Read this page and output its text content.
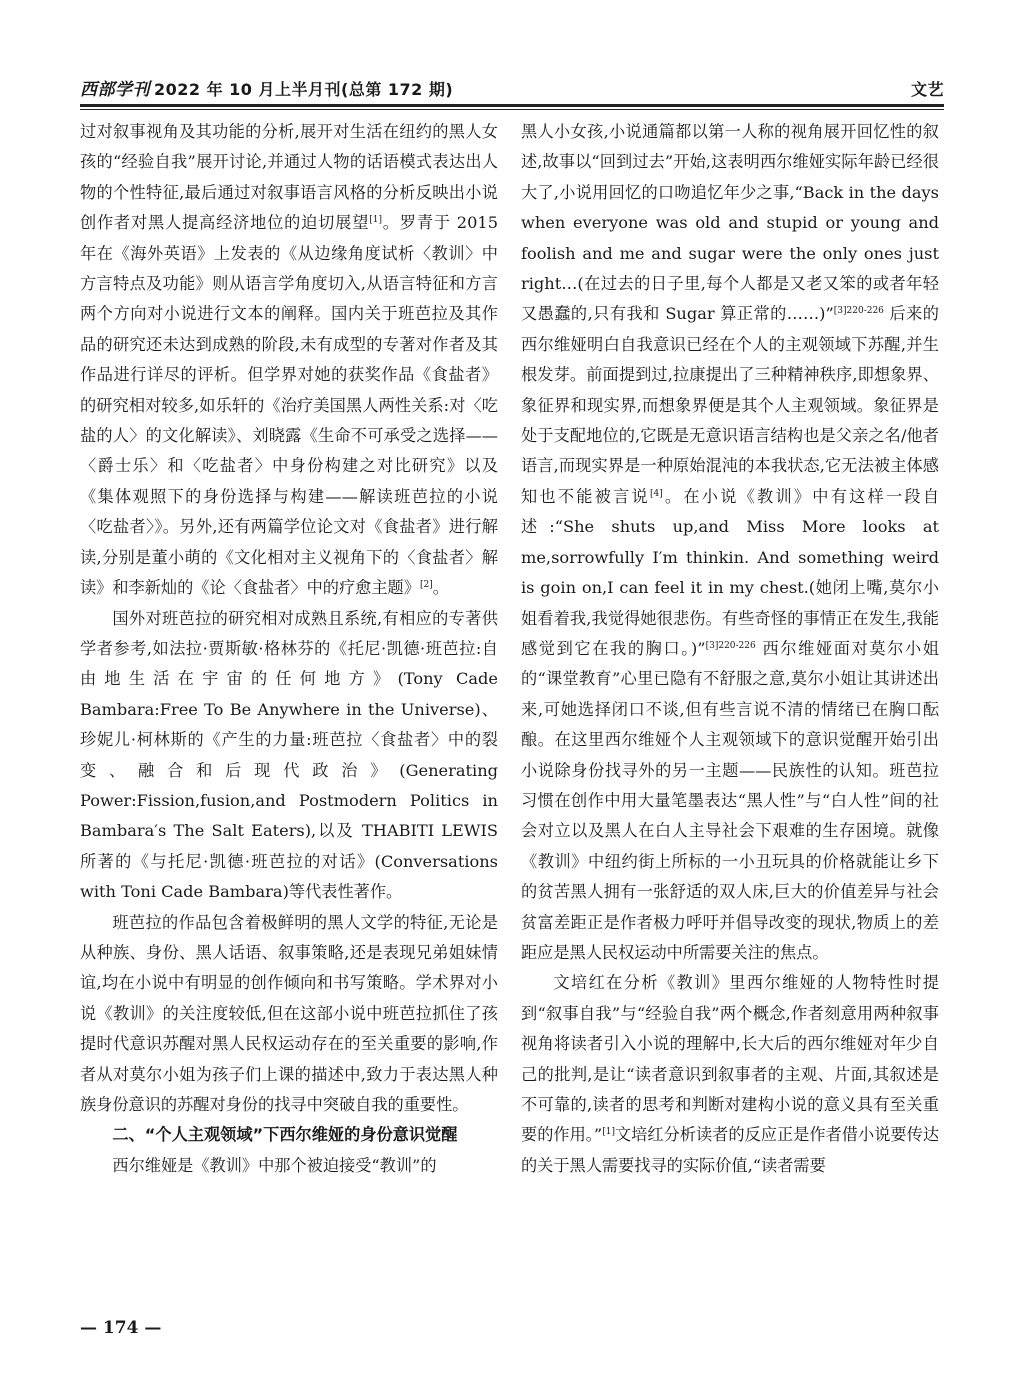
西部学刊 2022 年 10 月上半月刊(总第 172 期)	文艺

过对叙事视角及其功能的分析,展开对生活在纽约的黑人女孩的“经验自我”展开讨论,并通过人物的话语模式表达出人物的个性特征,最后通过对叙事语言风格的分析反映出小说创作者对黑人提高经济地位的迫切展望[1]。罗青于 2015 年在《海外英语》上发表的《从边缘角度试析〈教训〉中方言特点及功能》则从语言学角度切入,从语言特征和方言两个方向对小说进行文本的阐释。国内关于班芭拉及其作品的研究还未达到成熟的阶段,未有成型的专著对作者及其作品进行详尽的评析。但学界对她的获奖作品《食盐者》的研究相对较多,如乐轩的《治疗美国黑人两性关系:对〈吃盐的人〉的文化解读》、刘晓露《生命不可承受之选择——〈爵士乐〉和〈吃盐者〉中身份构建之对比研究》以及《集体观照下的身份选择与构建——解读班芭拉的小说〈吃盐者〉》。另外,还有两篇学位论文对《食盐者》进行解读,分别是董小萌的《文化相对主义视角下的〈食盐者〉解读》和李新灿的《论〈食盐者〉中的疗愈主题》[2]。

国外对班芭拉的研究相对成熟且系统,有相应的专著供学者参考,如法拉·贾斯敏·格林芬的《托尼·凯德·班芭拉:自由地生活在宇宙的任何地方》(Tony Cade Bambara:Free To Be Anywhere in the Universe)、珍妮儿·柯林斯的《产生的力量:班芭拉〈食盐者〉中的裂变、融合和后现代政治》(Generating Power:Fission,fusion,and Postmodern Politics in Bambara′s The Salt Eaters),以及 THABITI LEWIS 所著的《与托尼·凯德·班芭拉的对话》(Conversations with Toni Cade Bambara)等代表性著作。

班芭拉的作品包含着极鲜明的黑人文学的特征,无论是从种族、身份、黑人话语、叙事策略,还是表现兄弟姐妹情谊,均在小说中有明显的创作倾向和书写策略。学术界对小说《教训》的关注度较低,但在这部小说中班芭拉抓住了孩提时代意识苏醒对黑人民权运动存在的至关重要的影响,作者从对莫尔小姐为孩子们上课的描述中,致力于表达黑人种族身份意识的苏醒对身份的找寻中突破自我的重要性。

二、“个人主观领域”下西尔维娅的身份意识觉醒

西尔维娅是《教训》中那个被迫接受“教训”的

黑人小女孩,小说通篇都以第一人称的视角展开回忆性的叙述,故事以“回到过去”开始,这表明西尔维娅实际年龄已经很大了,小说用回忆的口吻追忆年少之事,“Back in the days when everyone was old and stupid or young and foolish and me and sugar were the only ones just right…(在过去的日子里,每个人都是又老又笨的或者年轻又愚蠢的,只有我和 Sugar 算正常的……)”$^{[3]220-226}$ 后来的西尔维娅明白自我意识已经在个人的主观领域下苏醒,并生根发芽。前面提到过,拉康提出了三种精神秩序,即想象界、象征界和现实界,而想象界便是其个人主观领域。象征界是处于支配地位的,它既是无意识语言结构也是父亲之名/他者语言,而现实界是一种原始混沌的本我状态,它无法被主体感知也不能被言说[4]。在小说《教训》中有这样一段自述:“She shuts up,and Miss More looks at me,sorrowfully I′m thinkin. And something weird is goin on,I can feel it in my chest.(她闭上嘴,莫尔小姐看着我,我觉得她很悲伤。有些奇怪的事情正在发生,我能感觉到它在我的胸口。)”$^{[3]220-226}$ 西尔维娅面对莫尔小姐的“课堂教育”心里已隐有不舒服之意,莫尔小姐让其讲述出来,可她选择闭口不谈,但有些言说不清的情绪已在胸口酝酿。在这里西尔维娅个人主观领域下的意识觉醒开始引出小说除身份找寻外的另一主题——民族性的认知。班芭拉习惯在创作中用大量笔墨表达“黑人性”与“白人性”间的社会对立以及黑人在白人主导社会下艰难的生存困境。就像《教训》中纽约街上所标的一小丑玩具的价格就能让乡下的贫苦黑人拥有一张舒适的双人床,巨大的价值差异与社会贫富差距正是作者极力呼吁并倡导改变的现状,物质上的差距应是黑人民权运动中所需要关注的焦点。

文培红在分析《教训》里西尔维娅的人物特性时提到“叙事自我”与“经验自我”两个概念,作者刻意用两种叙事视角将读者引入小说的理解中,长大后的西尔维娅对年少自己的批判,是让“读者意识到叙事者的主观、片面,其叙述是不可靠的,读者的思考和判断对建构小说的意义具有至关重要的作用。”[1]文培红分析读者的反应正是作者借小说要传达的关于黑人需要找寻的实际价值,“读者需要

— 174 —
